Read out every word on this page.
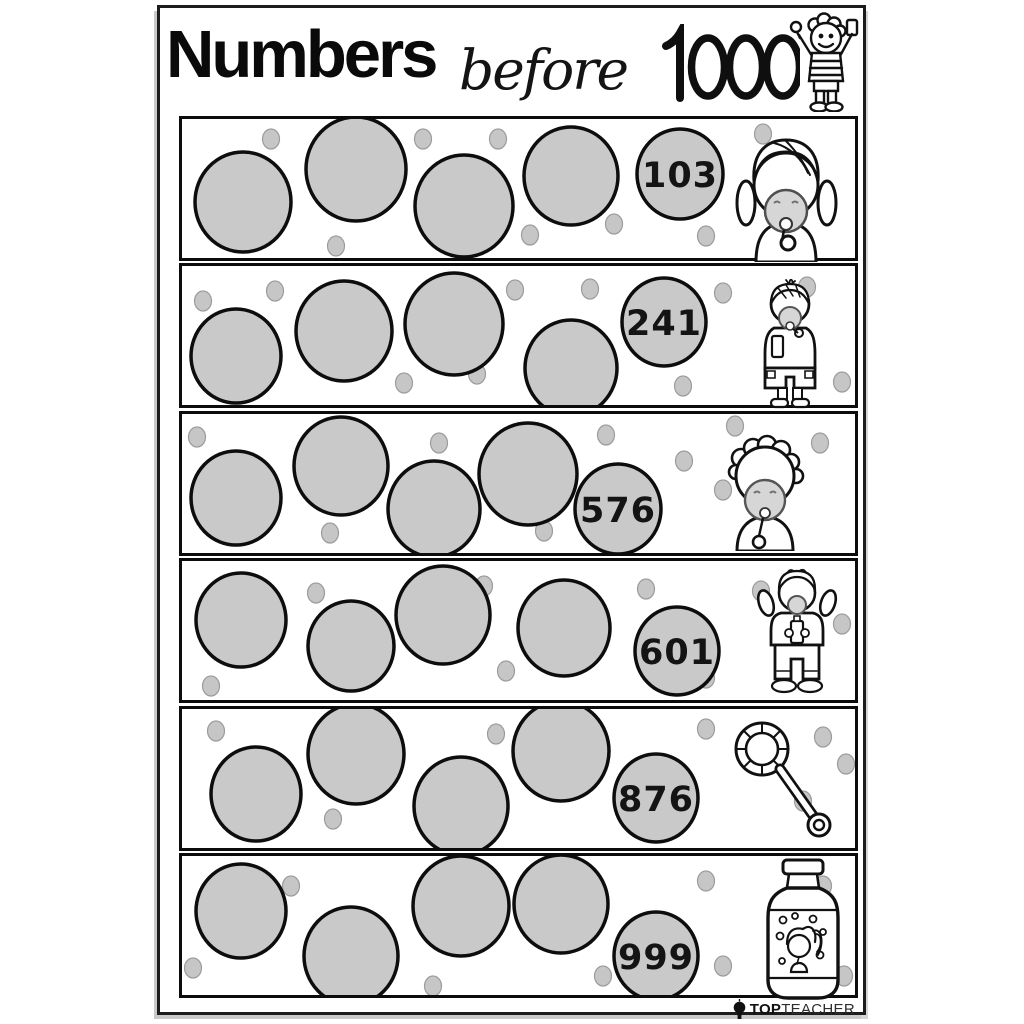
Numbers before
103
241
576
601
876
999
TOP TEACHER
